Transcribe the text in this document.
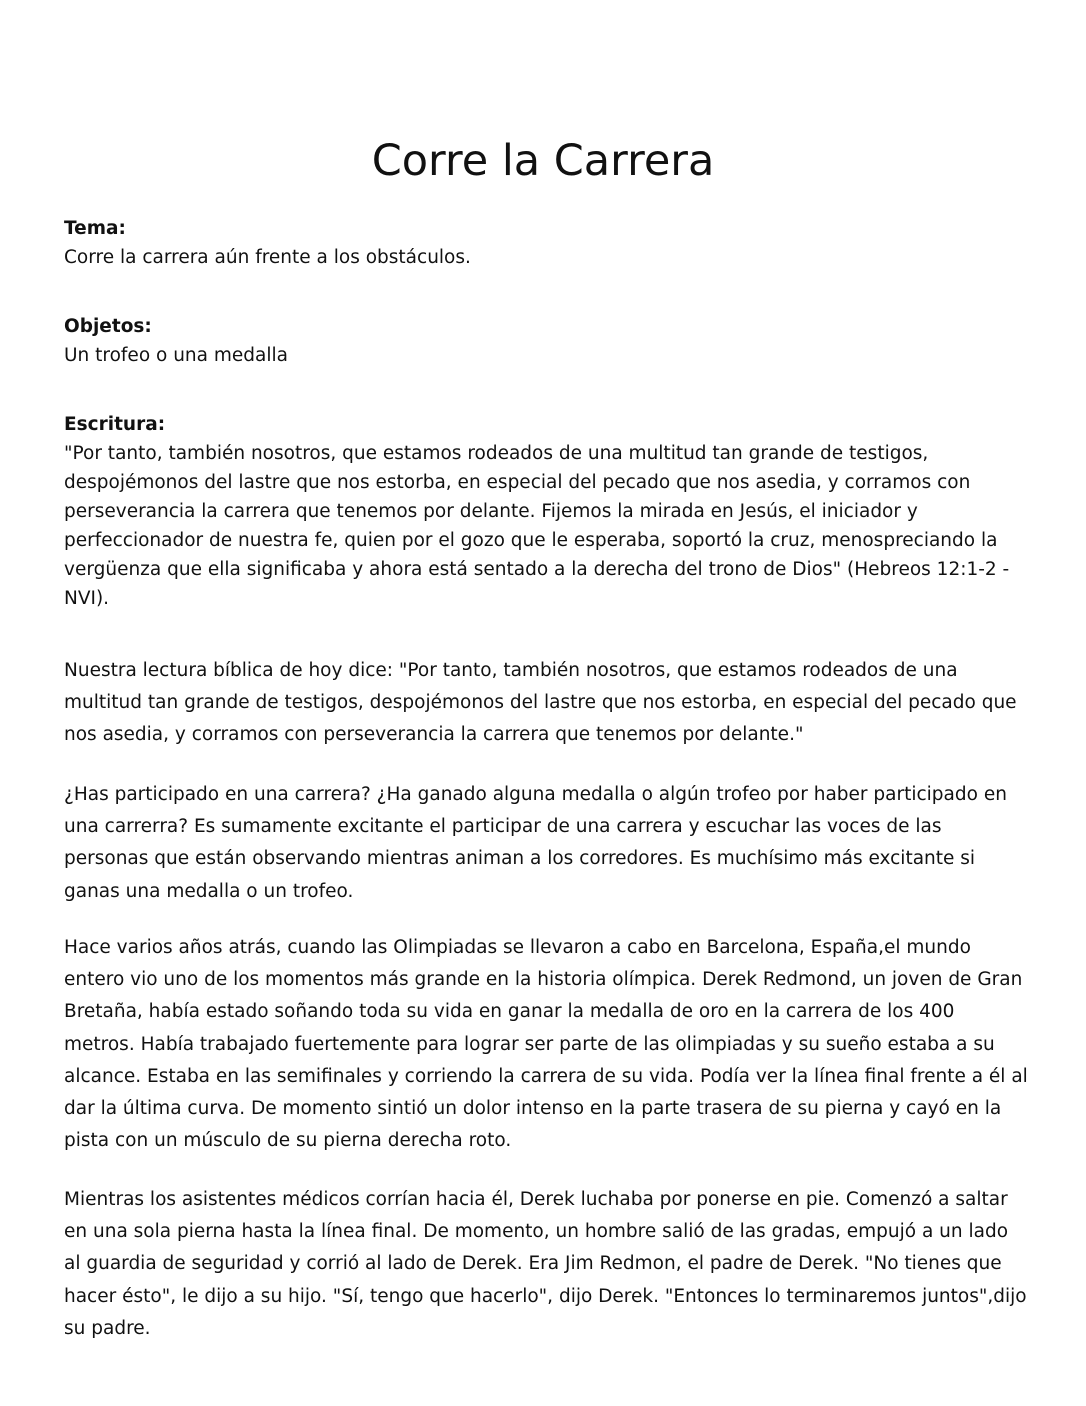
Corre la Carrera
Tema:
Corre la carrera aún frente a los obstáculos.
Objetos:
Un trofeo o una medalla
Escritura:
"Por tanto, también nosotros, que estamos rodeados de una multitud tan grande de testigos, despojémonos del lastre que nos estorba, en especial del pecado que nos asedia, y corramos con perseverancia la carrera que tenemos por delante. Fijemos la mirada en Jesús, el iniciador y perfeccionador de nuestra fe, quien por el gozo que le esperaba, soportó la cruz, menospreciando la vergüenza que ella significaba y ahora está sentado a la derecha del trono de Dios" (Hebreos 12:1-2 - NVI).

Nuestra lectura bíblica de hoy dice: "Por tanto, también nosotros, que estamos rodeados de una multitud tan grande de testigos, despojémonos del lastre que nos estorba, en especial del pecado que nos asedia, y corramos con perseverancia la carrera que tenemos por delante."

¿Has participado en una carrera? ¿Ha ganado alguna medalla o algún trofeo por haber participado en una carrerra? Es sumamente excitante el participar de una carrera y escuchar las voces de las personas que están observando mientras animan a los corredores. Es muchísimo más excitante si ganas una medalla o un trofeo.

Hace varios años atrás, cuando las Olimpiadas se llevaron a cabo en Barcelona, España,el mundo entero vio uno de los momentos más grande en la historia olímpica. Derek Redmond, un joven de Gran Bretaña, había estado soñando toda su vida en ganar la medalla de oro en la carrera de los 400 metros. Había trabajado fuertemente para lograr ser parte de las olimpiadas y su sueño estaba a su alcance. Estaba en las semifinales y corriendo la carrera de su vida. Podía ver la línea final frente a él al dar la última curva. De momento sintió un dolor intenso en la parte trasera de su pierna y cayó en la pista con un músculo de su pierna derecha roto.

Mientras los asistentes médicos corrían hacia él, Derek luchaba por ponerse en pie. Comenzó a saltar en una sola pierna hasta la línea final. De momento, un hombre salió de las gradas, empujó a un lado al guardia de seguridad y corrió al lado de Derek. Era Jim Redmon, el padre de Derek. "No tienes que hacer ésto", le dijo a su hijo. "Sí, tengo que hacerlo", dijo Derek. "Entonces lo terminaremos juntos",dijo su padre.
